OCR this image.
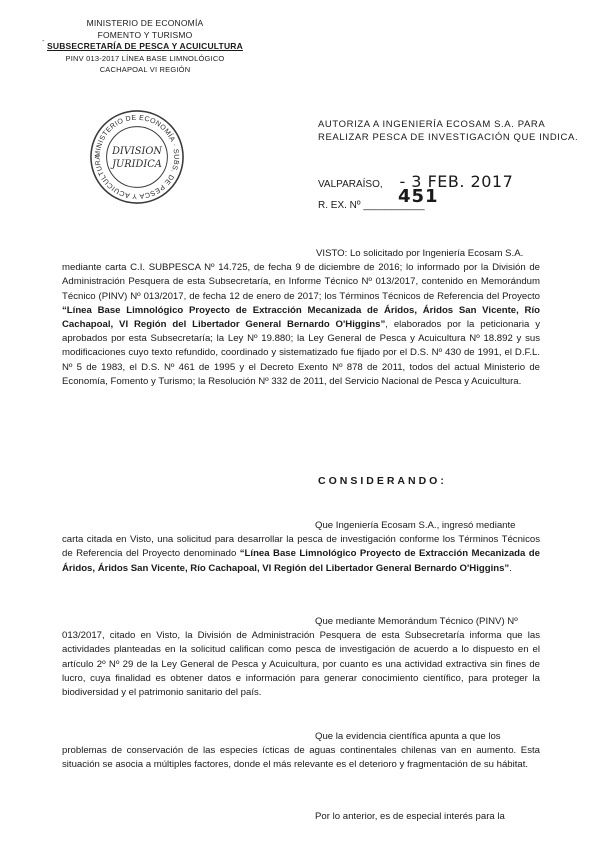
MINISTERIO DE ECONOMÍA
FOMENTO Y TURISMO
SUBSECRETARÍA DE PESCA Y ACUICULTURA
PINV 013-2017 LÍNEA BASE LIMNOLÓGICO
CACHAPOAL VI REGIÓN
-
MINISTERIO DE ECONOMÍA · SUBS. DE PESCA Y ACUICULTURA
DIVISION
JURIDICA
AUTORIZA A INGENIERÍA ECOSAM S.A. PARA
REALIZAR PESCA DE INVESTIGACIÓN QUE INDICA.
VALPARAÍSO, - 3 FEB. 2017
R. EX. Nº ___________
451
VISTO: Lo solicitado por Ingeniería Ecosam S.A.
mediante carta C.I. SUBPESCA Nº 14.725, de fecha 9 de diciembre de 2016; lo informado por la División de Administración Pesquera de esta Subsecretaría, en Informe Técnico Nº 013/2017, contenido en Memorándum Técnico (PINV) Nº 013/2017, de fecha 12 de enero de 2017; los Términos Técnicos de Referencia del Proyecto “Línea Base Limnológico Proyecto de Extracción Mecanizada de Áridos, Áridos San Vicente, Río Cachapoal, VI Región del Libertador General Bernardo O'Higgins”, elaborados por la peticionaria y aprobados por esta Subsecretaría; la Ley Nº 19.880; la Ley General de Pesca y Acuicultura Nº 18.892 y sus modificaciones cuyo texto refundido, coordinado y sistematizado fue fijado por el D.S. Nº 430 de 1991, el D.F.L. Nº 5 de 1983, el D.S. Nº 461 de 1995 y el Decreto Exento Nº 878 de 2011, todos del actual Ministerio de Economía, Fomento y Turismo; la Resolución Nº 332 de 2011, del Servicio Nacional de Pesca y Acuicultura.
CONSIDERANDO:
Que Ingeniería Ecosam S.A., ingresó mediante
carta citada en Visto, una solicitud para desarrollar la pesca de investigación conforme los Términos Técnicos de Referencia del Proyecto denominado “Línea Base Limnológico Proyecto de Extracción Mecanizada de Áridos, Áridos San Vicente, Río Cachapoal, VI Región del Libertador General Bernardo O'Higgins”.
Que mediante Memorándum Técnico (PINV) Nº
013/2017, citado en Visto, la División de Administración Pesquera de esta Subsecretaría informa que las actividades planteadas en la solicitud califican como pesca de investigación de acuerdo a lo dispuesto en el artículo 2º Nº 29 de la Ley General de Pesca y Acuicultura, por cuanto es una actividad extractiva sin fines de lucro, cuya finalidad es obtener datos e información para generar conocimiento científico, para proteger la biodiversidad y el patrimonio sanitario del país.
Que la evidencia científica apunta a que los
problemas de conservación de las especies ícticas de aguas continentales chilenas van en aumento. Esta situación se asocia a múltiples factores, donde el más relevante es el deterioro y fragmentación de su hábitat.
Por lo anterior, es de especial interés para la
